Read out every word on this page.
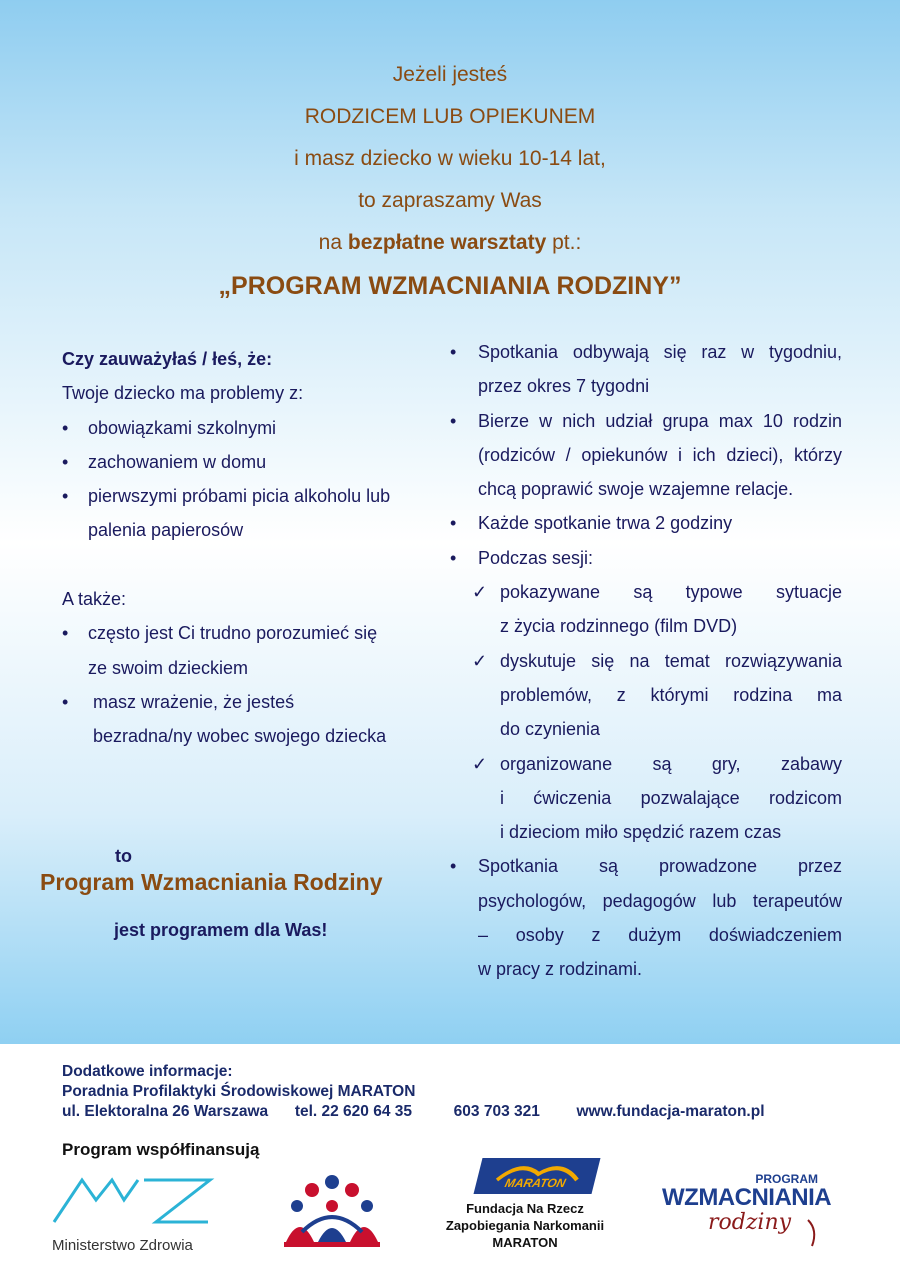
Jeżeli jesteś
RODZICEM LUB OPIEKUNEM
i masz dziecko w wieku 10-14 lat,
to zapraszamy Was
na bezpłatne warsztaty pt.:
„PROGRAM WZMACNIANIA RODZINY”
Czy zauważyłaś / łeś, że:
Twoje dziecko ma problemy z:
• obowiązkami szkolnymi
• zachowaniem w domu
• pierwszymi próbami picia alkoholu lub
palenia papierosów
A także:
• często jest Ci trudno porozumieć się
ze swoim dzieckiem
• masz wrażenie, że jesteś
bezradna/ny wobec swojego dziecka
to
Program Wzmacniania Rodziny
jest programem dla Was!
• Spotkania odbywają się raz w tygodniu,
przez okres 7 tygodni
• Bierze w nich udział grupa max 10 rodzin
(rodziców / opiekunów i ich dzieci), którzy
chcą poprawić swoje wzajemne relacje.
• Każde spotkanie trwa 2 godziny
• Podczas sesji:
✓ pokazywane są typowe sytuacje
z życia rodzinnego (film DVD)
✓ dyskutuje się na temat rozwiązywania
problemów, z którymi rodzina ma
do czynienia
✓ organizowane są gry, zabawy
i ćwiczenia pozwalające rodzicom
i dzieciom miło spędzić razem czas
• Spotkania są prowadzone przez
psychologów, pedagogów lub terapeutów
– osoby z dużym doświadczeniem
w pracy z rodzinami.
Dodatkowe informacje:
Poradnia Profilaktyki Środowiskowej MARATON
ul. Elektoralna 26 Warszawa tel. 22 620 64 35	603 703 321 www.fundacja-maraton.pl
Program współfinansują
Ministerstwo Zdrowia
MARATON
Fundacja Na Rzecz
Zapobiegania Narkomanii
MARATON
PROGRAM
WZMACNIANIA
rodziny
